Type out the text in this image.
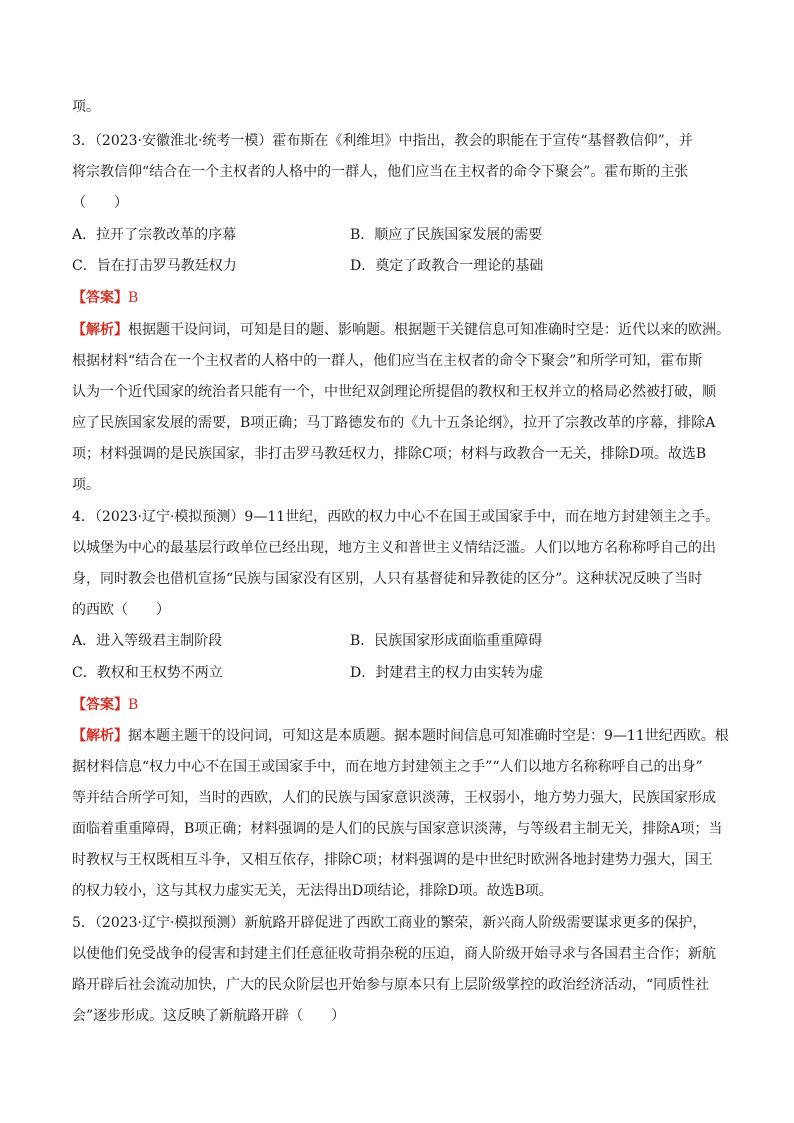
项。
3．（2023·安徽淮北·统考一模）霍布斯在《利维坦》中指出，教会的职能在于宣传“基督教信仰”，并
将宗教信仰“结合在一个主权者的人格中的一群人，他们应当在主权者的命令下聚会”。霍布斯的主张
（　　）
A．拉开了宗教改革的序幕	B．顺应了民族国家发展的需要
C．旨在打击罗马教廷权力	D．奠定了政教合一理论的基础
【答案】B
【解析】根据题干设问词，可知是目的题、影响题。根据题干关键信息可知准确时空是：近代以来的欧洲。
根据材料“结合在一个主权者的人格中的一群人，他们应当在主权者的命令下聚会”和所学可知，霍布斯
认为一个近代国家的统治者只能有一个，中世纪双剑理论所提倡的教权和王权并立的格局必然被打破，顺
应了民族国家发展的需要，B项正确；马丁路德发布的《九十五条论纲》，拉开了宗教改革的序幕，排除A
项；材料强调的是民族国家，非打击罗马教廷权力，排除C项；材料与政教合一无关，排除D项。故选B
项。
4．（2023·辽宁·模拟预测）9—11世纪，西欧的权力中心不在国王或国家手中，而在地方封建领主之手。
以城堡为中心的最基层行政单位已经出现，地方主义和普世主义情结泛滥。人们以地方名称称呼自己的出
身，同时教会也借机宣扬“民族与国家没有区别，人只有基督徒和异教徒的区分”。这种状况反映了当时
的西欧（　　）
A．进入等级君主制阶段	B．民族国家形成面临重重障碍
C．教权和王权势不两立	D．封建君主的权力由实转为虚
【答案】B
【解析】据本题主题干的设问词，可知这是本质题。据本题时间信息可知准确时空是：9—11世纪西欧。根
据材料信息“权力中心不在国王或国家手中，而在地方封建领主之手”“人们以地方名称称呼自己的出身”
等并结合所学可知，当时的西欧，人们的民族与国家意识淡薄，王权弱小，地方势力强大，民族国家形成
面临着重重障碍，B项正确；材料强调的是人们的民族与国家意识淡薄，与等级君主制无关，排除A项；当
时教权与王权既相互斗争，又相互依存，排除C项；材料强调的是中世纪时欧洲各地封建势力强大，国王
的权力较小，这与其权力虚实无关，无法得出D项结论，排除D项。故选B项。
5．（2023·辽宁·模拟预测）新航路开辟促进了西欧工商业的繁荣，新兴商人阶级需要谋求更多的保护，
以使他们免受战争的侵害和封建主们任意征收苛捐杂税的压迫，商人阶级开始寻求与各国君主合作；新航
路开辟后社会流动加快，广大的民众阶层也开始参与原本只有上层阶级掌控的政治经济活动，“同质性社
会”逐步形成。这反映了新航路开辟（　　）
